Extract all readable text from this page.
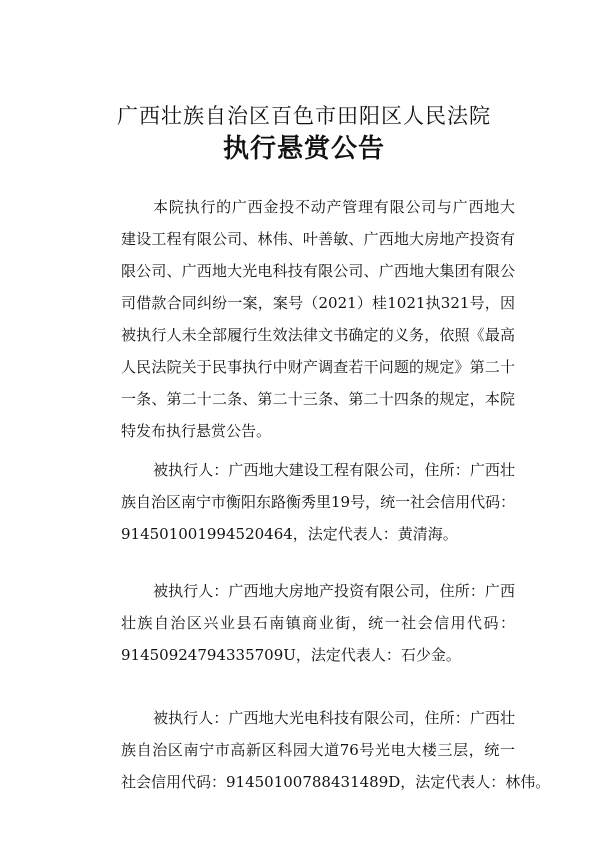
广西壮族自治区百色市田阳区人民法院
执行悬赏公告
本院执行的广西金投不动产管理有限公司与广西地大
建设工程有限公司、林伟、叶善敏、广西地大房地产投资有
限公司、广西地大光电科技有限公司、广西地大集团有限公
司借款合同纠纷一案，案号（2021）桂1021执321号，因
被执行人未全部履行生效法律文书确定的义务，依照《最高
人民法院关于民事执行中财产调查若干问题的规定》第二十
一条、第二十二条、第二十三条、第二十四条的规定，本院
特发布执行悬赏公告。
被执行人：广西地大建设工程有限公司，住所：广西壮
族自治区南宁市衡阳东路衡秀里19号，统一社会信用代码：
914501001994520464，法定代表人：黄清海。
被执行人：广西地大房地产投资有限公司，住所：广西
壮族自治区兴业县石南镇商业街，统一社会信用代码：
91450924794335709U，法定代表人：石少金。
被执行人：广西地大光电科技有限公司，住所：广西壮
族自治区南宁市高新区科园大道76号光电大楼三层，统一
社会信用代码：91450100788431489D，法定代表人：林伟。
